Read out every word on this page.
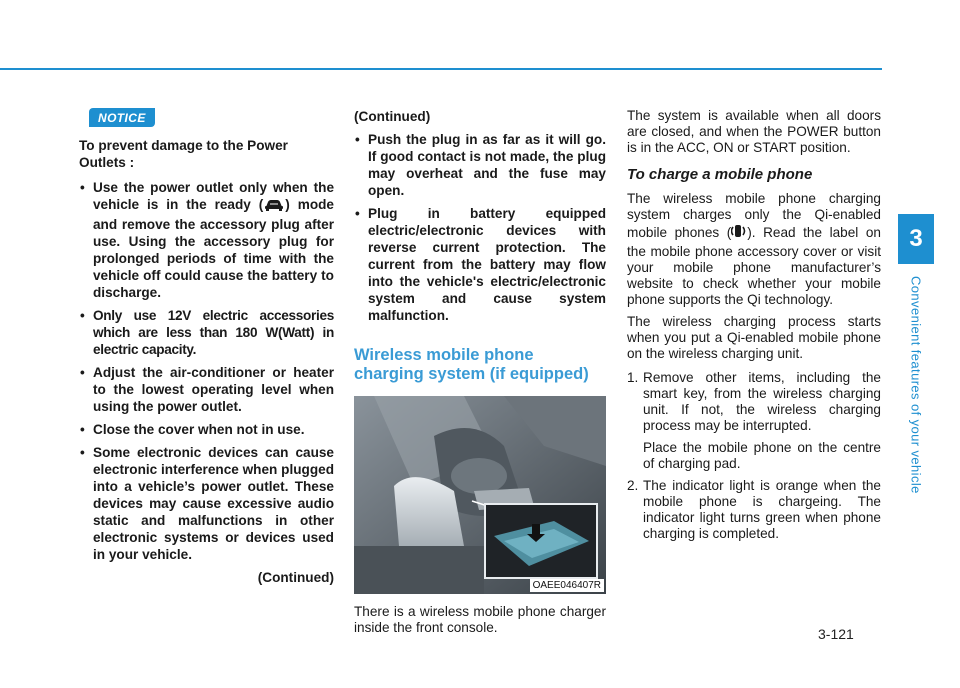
3
Convenient features of your vehicle
NOTICE
To prevent damage to the Power Outlets :
• Use the power outlet only when the vehicle is in the ready ( ) mode and remove the accessory plug after use. Using the accessory plug for prolonged periods of time with the vehicle off could cause the battery to discharge.
• Only use 12V electric accessories which are less than 180 W(Watt) in electric capacity.
• Adjust the air-conditioner or heater to the lowest operating level when using the power outlet.
• Close the cover when not in use.
• Some electronic devices can cause electronic interference when plugged into a vehicle’s power outlet. These devices may cause excessive audio static and malfunctions in other electronic systems or devices used in your vehicle.
(Continued)
(Continued)
• Push the plug in as far as it will go. If good contact is not made, the plug may overheat and the fuse may open.
• Plug in battery equipped electric/electronic devices with reverse current protection. The current from the battery may flow into the vehicle's electric/electronic system and cause system malfunction.
Wireless mobile phone charging system (if equipped)
OAEE046407R
There is a wireless mobile phone charger inside the front console.
The system is available when all doors are closed, and when the POWER button is in the ACC, ON or START position.
To charge a mobile phone
The wireless mobile phone charging system charges only the Qi-enabled mobile phones ( ). Read the label on the mobile phone accessory cover or visit your mobile phone manufacturer’s website to check whether your mobile phone supports the Qi technology.
The wireless charging process starts when you put a Qi-enabled mobile phone on the wireless charging unit.
1. Remove other items, including the smart key, from the wireless charging unit. If not, the wireless charging process may be interrupted.
Place the mobile phone on the centre of charging pad.
2. The indicator light is orange when the mobile phone is chargeing. The indicator light turns green when phone charging is completed.
3-121
